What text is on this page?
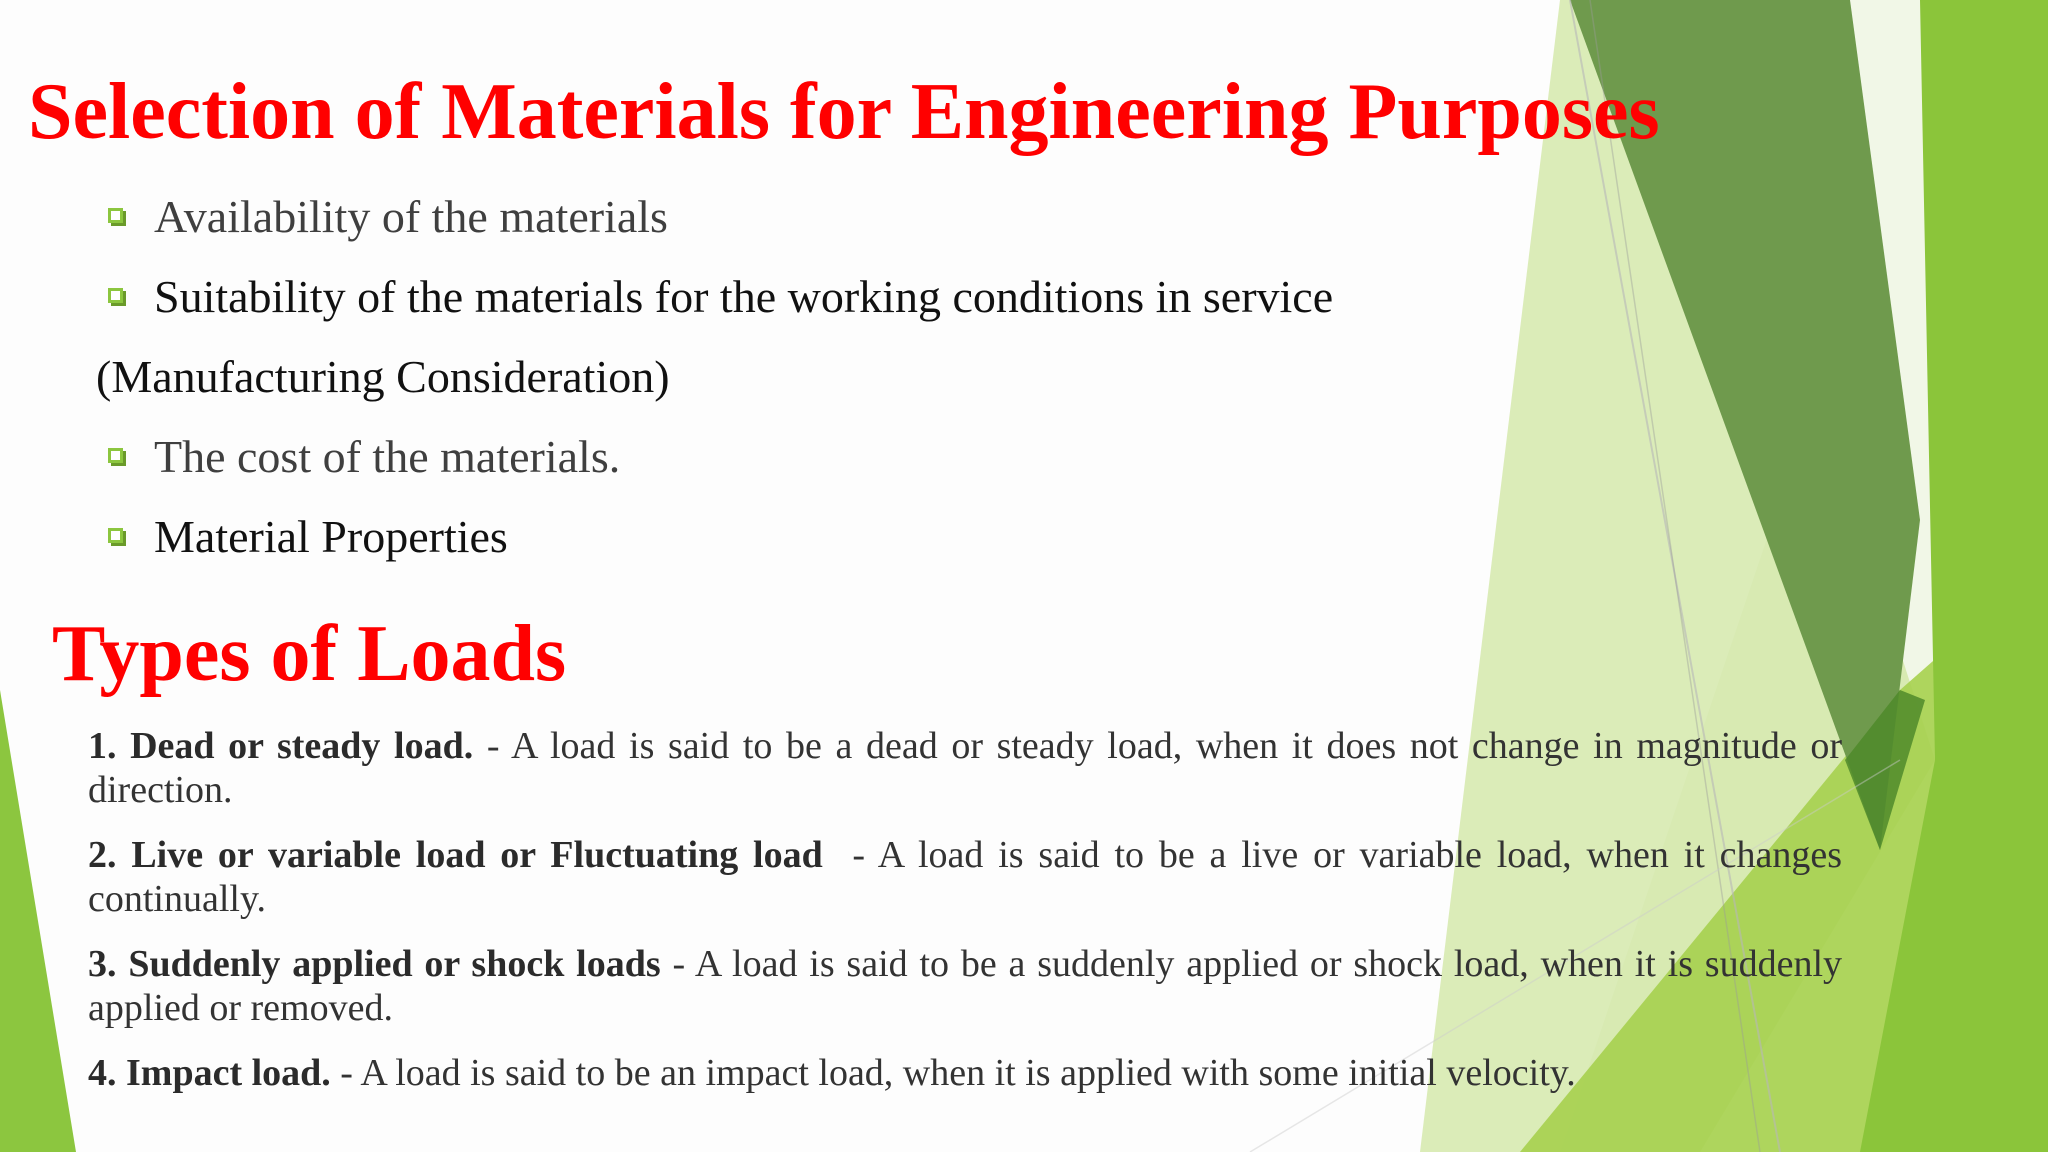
Selection of Materials for Engineering Purposes
Availability of the materials
Suitability of the materials for the working conditions in service
(Manufacturing Consideration)
The cost of the materials.
Material Properties
Types of Loads
1. Dead or steady load. - A load is said to be a dead or steady load, when it does not change in magnitude or direction.
2. Live or variable load or Fluctuating load  - A load is said to be a live or variable load, when it changes continually.
3. Suddenly applied or shock loads - A load is said to be a suddenly applied or shock load, when it is suddenly applied or removed.
4. Impact load. - A load is said to be an impact load, when it is applied with some initial velocity.
